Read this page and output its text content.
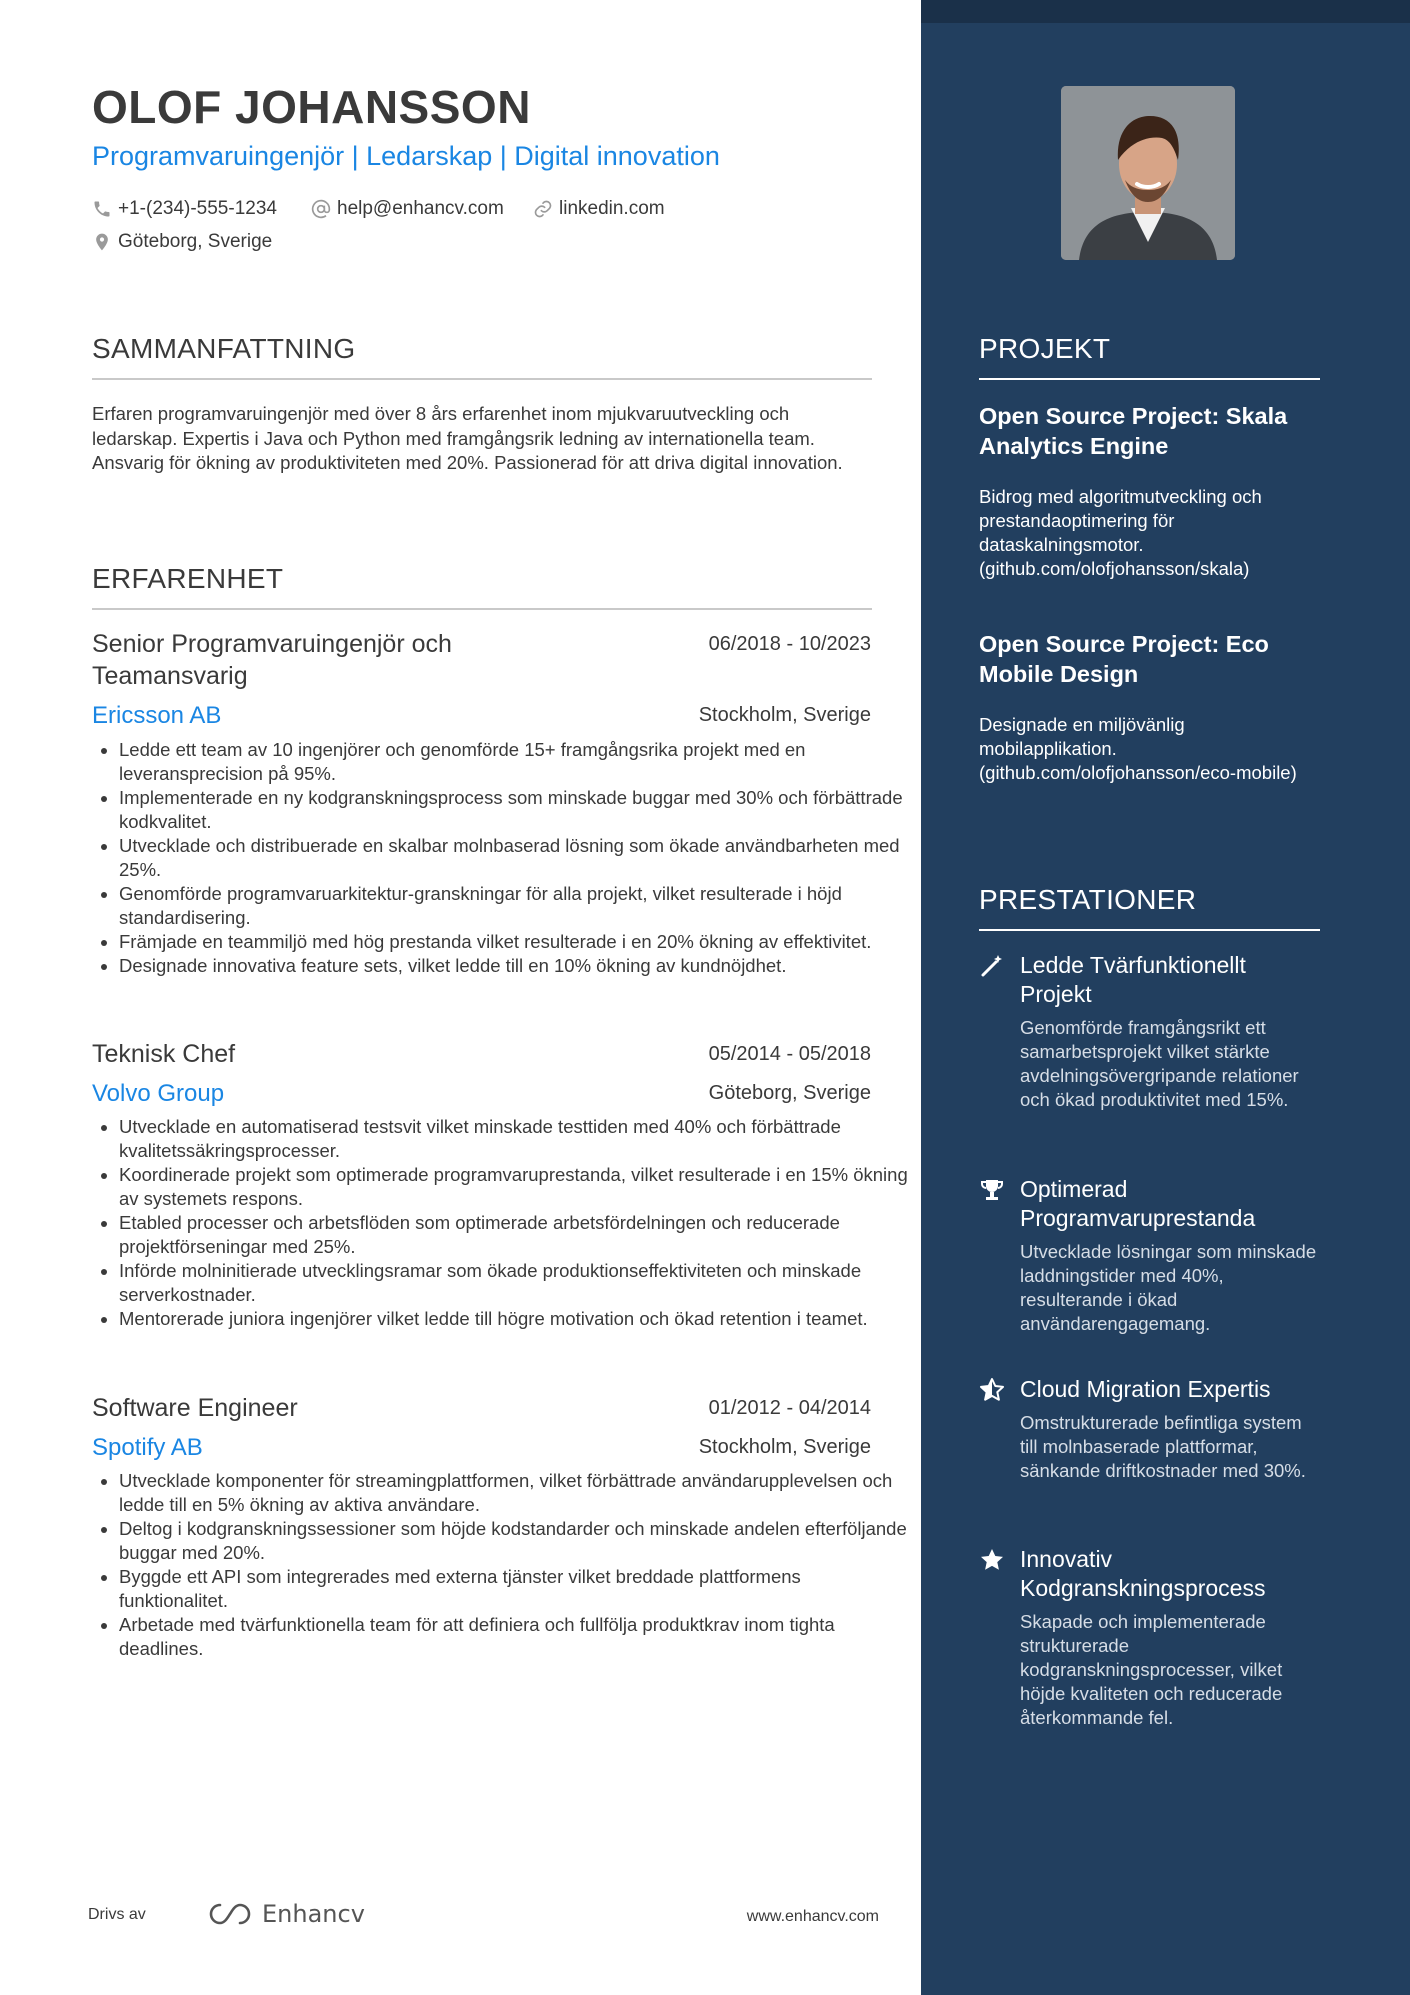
OLOF JOHANSSON
Programvaruingenjör | Ledarskap | Digital innovation
+1-(234)-555-1234	help@enhancv.com	linkedin.com
Göteborg, Sverige
SAMMANFATTNING
Erfaren programvaruingenjör med över 8 års erfarenhet inom mjukvaruutveckling och ledarskap. Expertis i Java och Python med framgångsrik ledning av internationella team. Ansvarig för ökning av produktiviteten med 20%. Passionerad för att driva digital innovation.
ERFARENHET
Senior Programvaruingenjör och Teamansvarig
06/2018 - 10/2023
Ericsson AB	Stockholm, Sverige
• Ledde ett team av 10 ingenjörer och genomförde 15+ framgångsrika projekt med en leveransprecision på 95%.
• Implementerade en ny kodgranskningsprocess som minskade buggar med 30% och förbättrade kodkvalitet.
• Utvecklade och distribuerade en skalbar molnbaserad lösning som ökade användbarheten med 25%.
• Genomförde programvaruarkitektur-granskningar för alla projekt, vilket resulterade i höjd standardisering.
• Främjade en teammiljö med hög prestanda vilket resulterade i en 20% ökning av effektivitet.
• Designade innovativa feature sets, vilket ledde till en 10% ökning av kundnöjdhet.
Teknisk Chef	05/2014 - 05/2018
Volvo Group	Göteborg, Sverige
• Utvecklade en automatiserad testsvit vilket minskade testtiden med 40% och förbättrade kvalitetssäkringsprocesser.
• Koordinerade projekt som optimerade programvaruprestanda, vilket resulterade i en 15% ökning av systemets respons.
• Etabled processer och arbetsflöden som optimerade arbetsfördelningen och reducerade projektförseningar med 25%.
• Införde molninitierade utvecklingsramar som ökade produktionseffektiviteten och minskade serverkostnader.
• Mentorerade juniora ingenjörer vilket ledde till högre motivation och ökad retention i teamet.
Software Engineer	01/2012 - 04/2014
Spotify AB	Stockholm, Sverige
• Utvecklade komponenter för streamingplattformen, vilket förbättrade användarupplevelsen och ledde till en 5% ökning av aktiva användare.
• Deltog i kodgranskningssessioner som höjde kodstandarder och minskade andelen efterföljande buggar med 20%.
• Byggde ett API som integrerades med externa tjänster vilket breddade plattformens funktionalitet.
• Arbetade med tvärfunktionella team för att definiera och fullfölja produktkrav inom tighta deadlines.
Drivs av	Enhancv	www.enhancv.com
PROJEKT
Open Source Project: Skala Analytics Engine
Bidrog med algoritmutveckling och prestandaoptimering för dataskalningsmotor. (github.com/olofjohansson/skala)
Open Source Project: Eco Mobile Design
Designade en miljövänlig mobilapplikation. (github.com/olofjohansson/eco-mobile)
PRESTATIONER
Ledde Tvärfunktionellt Projekt
Genomförde framgångsrikt ett samarbetsprojekt vilket stärkte avdelningsövergripande relationer och ökad produktivitet med 15%.
Optimerad Programvaruprestanda
Utvecklade lösningar som minskade laddningstider med 40%, resulterande i ökad användarengagemang.
Cloud Migration Expertis
Omstrukturerade befintliga system till molnbaserade plattformar, sänkande driftkostnader med 30%.
Innovativ Kodgranskningsprocess
Skapade och implementerade strukturerade kodgranskningsprocesser, vilket höjde kvaliteten och reducerade återkommande fel.
